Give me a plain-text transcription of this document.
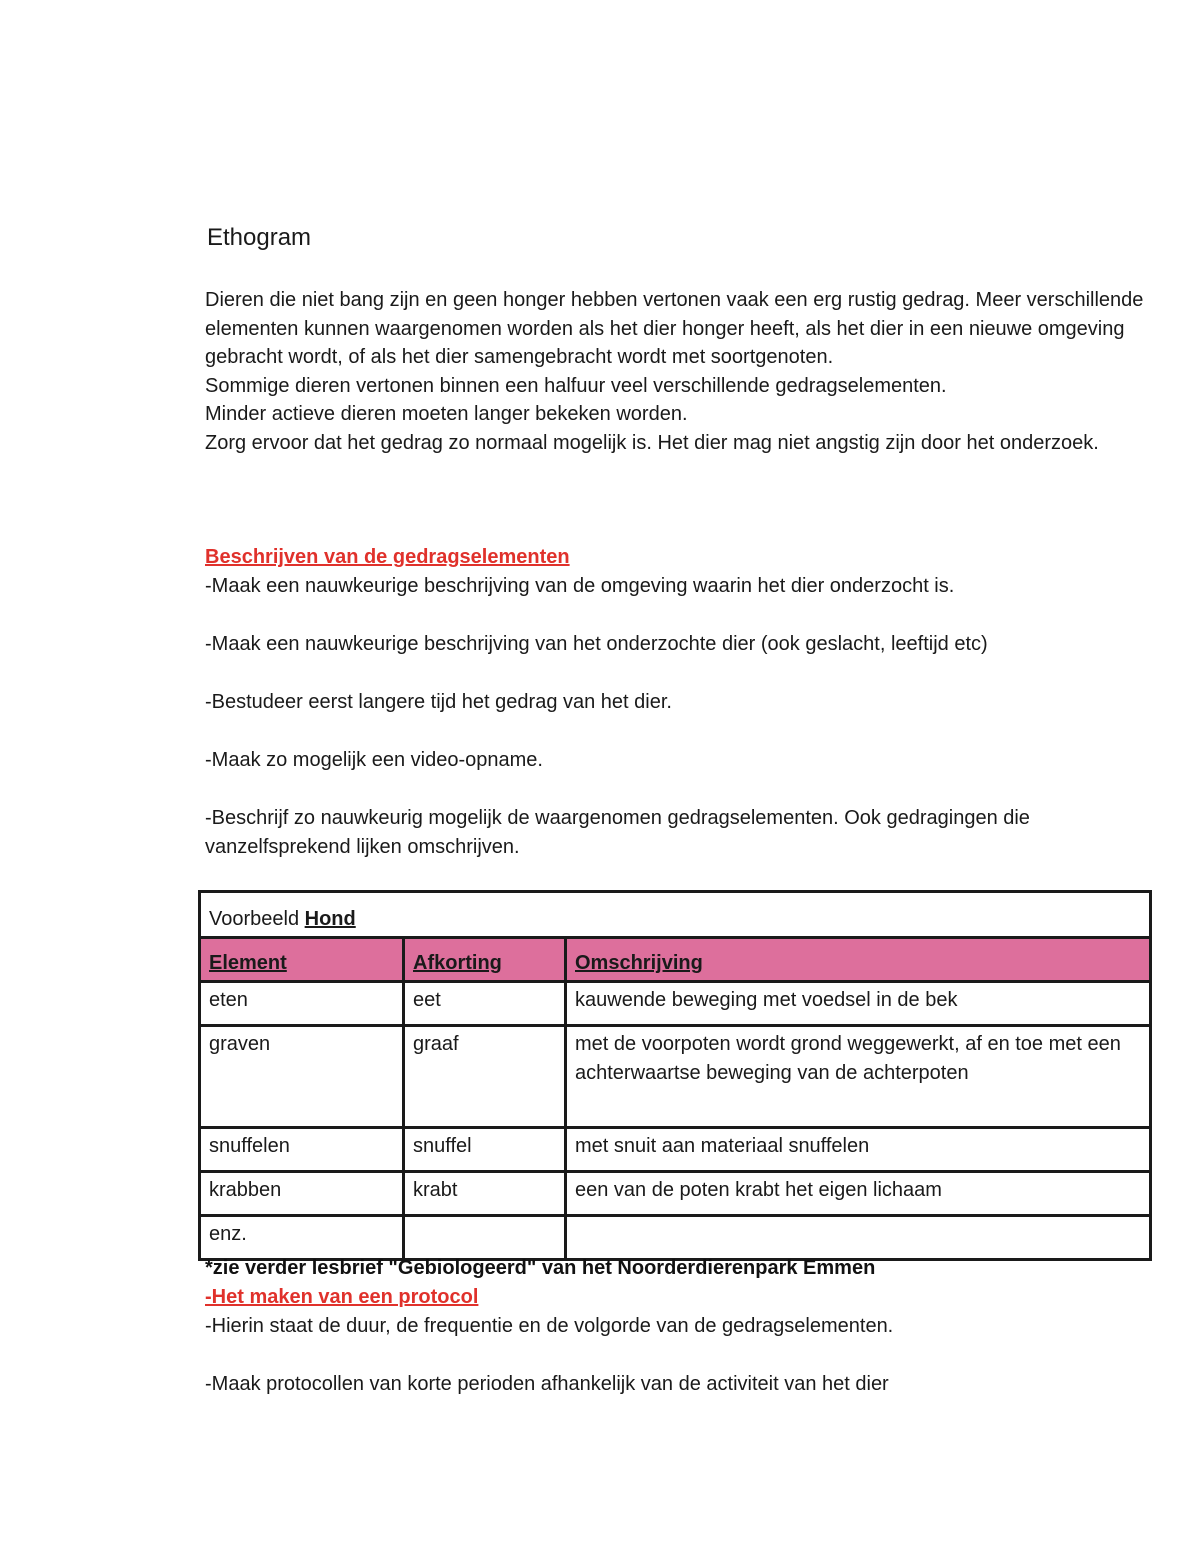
Ethogram

Dieren die niet bang zijn en geen honger hebben vertonen vaak een erg rustig gedrag. Meer verschillende elementen kunnen waargenomen worden als het dier honger heeft, als het dier in een nieuwe omgeving gebracht wordt, of als het dier samengebracht wordt met soortgenoten.

Sommige dieren vertonen binnen een halfuur veel verschillende gedragselementen.

Minder actieve dieren moeten langer bekeken worden.

Zorg ervoor dat het gedrag zo normaal mogelijk is. Het dier mag niet angstig zijn door het onderzoek.

Beschrijven van de gedragselementen

-Maak een nauwkeurige beschrijving van de omgeving waarin het dier onderzocht is.

-Maak een nauwkeurige beschrijving van het onderzochte dier (ook geslacht, leeftijd etc)

-Bestudeer eerst langere tijd het gedrag van het dier.

-Maak zo mogelijk een video-opname.

-Beschrijf zo nauwkeurig mogelijk de waargenomen gedragselementen. Ook gedragingen die vanzelfsprekend lijken omschrijven.

Voorbeeld Hond		
Element	Afkorting	Omschrijving
eten	eet	kauwende beweging met voedsel in de bek
graven	graaf	met de voorpoten wordt grond weggewerkt, af en toe met een achterwaartse beweging van de achterpoten
snuffelen	snuffel	met snuit aan materiaal snuffelen
krabben	krabt	een van de poten krabt het eigen lichaam
enz.		

*zie verder lesbrief "Gebiologeerd" van het Noorderdierenpark Emmen

-Het maken van een protocol

-Hierin staat de duur, de frequentie en de volgorde van de gedragselementen.

-Maak protocollen van korte perioden afhankelijk van de activiteit van het dier
